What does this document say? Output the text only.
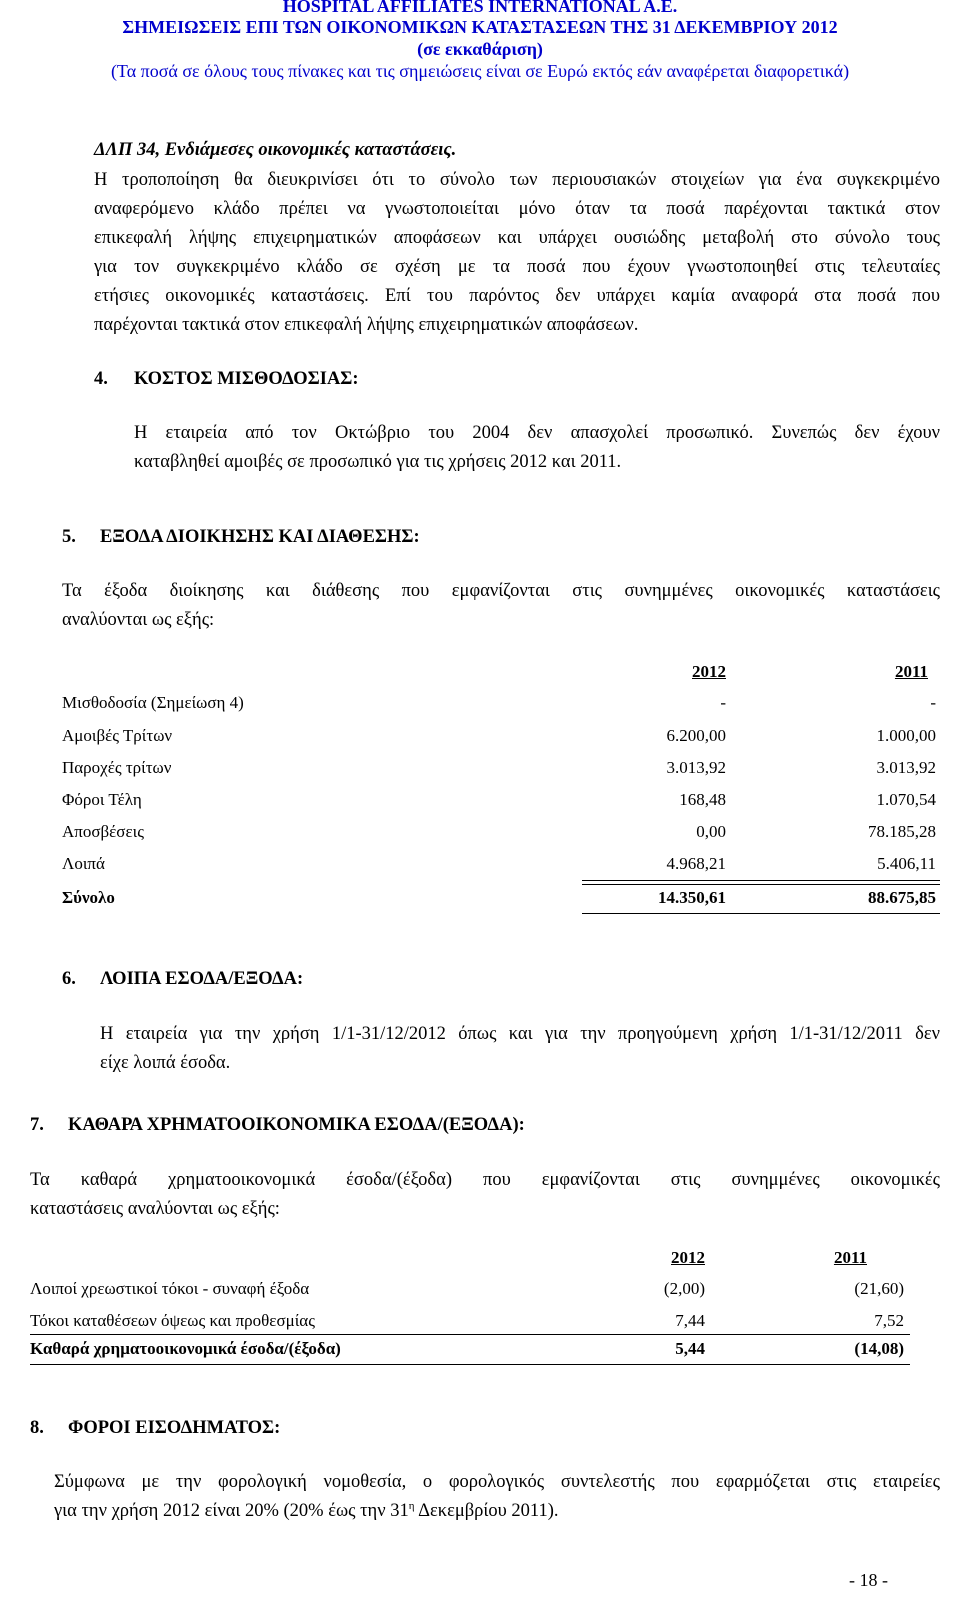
HOSPITAL AFFILIATES INTERNATIONAL A.E.
ΣΗΜΕΙΩΣΕΙΣ ΕΠΙ ΤΩΝ ΟΙΚΟΝΟΜΙΚΩΝ ΚΑΤΑΣΤΑΣΕΩΝ ΤΗΣ 31 ΔΕΚΕΜΒΡΙΟΥ 2012
(σε εκκαθάριση)
(Τα ποσά σε όλους τους πίνακες και τις σημειώσεις είναι σε Ευρώ εκτός εάν αναφέρεται διαφορετικά)
ΔΛΠ 34, Ενδιάμεσες οικονομικές καταστάσεις.
Η τροποποίηση θα διευκρινίσει ότι το σύνολο των περιουσιακών στοιχείων για ένα συγκεκριμένο
αναφερόμενο κλάδο πρέπει να γνωστοποιείται μόνο όταν τα ποσά παρέχονται τακτικά στον
επικεφαλή λήψης επιχειρηματικών αποφάσεων και υπάρχει ουσιώδης μεταβολή στο σύνολο τους
για τον συγκεκριμένο κλάδο σε σχέση με τα ποσά που έχουν γνωστοποιηθεί στις τελευταίες
ετήσιες οικονομικές καταστάσεις. Επί του παρόντος δεν υπάρχει καμία αναφορά στα ποσά που
παρέχονται τακτικά στον επικεφαλή λήψης επιχειρηματικών αποφάσεων.
4. ΚΟΣΤΟΣ ΜΙΣΘΟΔΟΣΙΑΣ:
Η εταιρεία από τον Οκτώβριο του 2004 δεν απασχολεί προσωπικό. Συνεπώς δεν έχουν
καταβληθεί αμοιβές σε προσωπικό για τις χρήσεις 2012 και 2011.
5. ΕΞΟΔΑ ΔΙΟΙΚΗΣΗΣ ΚΑΙ ΔΙΑΘΕΣΗΣ:
Τα έξοδα διοίκησης και διάθεσης που εμφανίζονται στις συνημμένες οικονομικές καταστάσεις
αναλύονται ως εξής:
2012	2011
Μισθοδοσία (Σημείωση 4)	-	-
Αμοιβές Τρίτων	6.200,00	1.000,00
Παροχές τρίτων	3.013,92	3.013,92
Φόροι Τέλη	168,48	1.070,54
Αποσβέσεις	0,00	78.185,28
Λοιπά	4.968,21	5.406,11
Σύνολο	14.350,61	88.675,85
6. ΛΟΙΠΑ ΕΣΟΔΑ/ΕΞΟΔΑ:
Η εταιρεία για την χρήση 1/1-31/12/2012 όπως και για την προηγούμενη χρήση 1/1-31/12/2011 δεν
είχε λοιπά έσοδα.
7. ΚΑΘΑΡΑ ΧΡΗΜΑΤΟΟΙΚΟΝΟΜΙΚΑ ΕΣΟΔΑ/(ΕΞΟΔΑ):
Τα καθαρά χρηματοοικονομικά έσοδα/(έξοδα) που εμφανίζονται στις συνημμένες οικονομικές
καταστάσεις αναλύονται ως εξής:
2012	2011
Λοιποί χρεωστικοί τόκοι - συναφή έξοδα	(2,00)	(21,60)
Τόκοι καταθέσεων όψεως και προθεσμίας	7,44	7,52
Καθαρά χρηματοοικονομικά έσοδα/(έξοδα)	5,44	(14,08)
8. ΦΟΡΟΙ ΕΙΣΟΔΗΜΑΤΟΣ:
Σύμφωνα με την φορολογική νομοθεσία, ο φορολογικός συντελεστής που εφαρμόζεται στις εταιρείες
για την χρήση 2012 είναι 20% (20% έως την $31^\eta$ Δεκεμβρίου 2011).
- 18 -
